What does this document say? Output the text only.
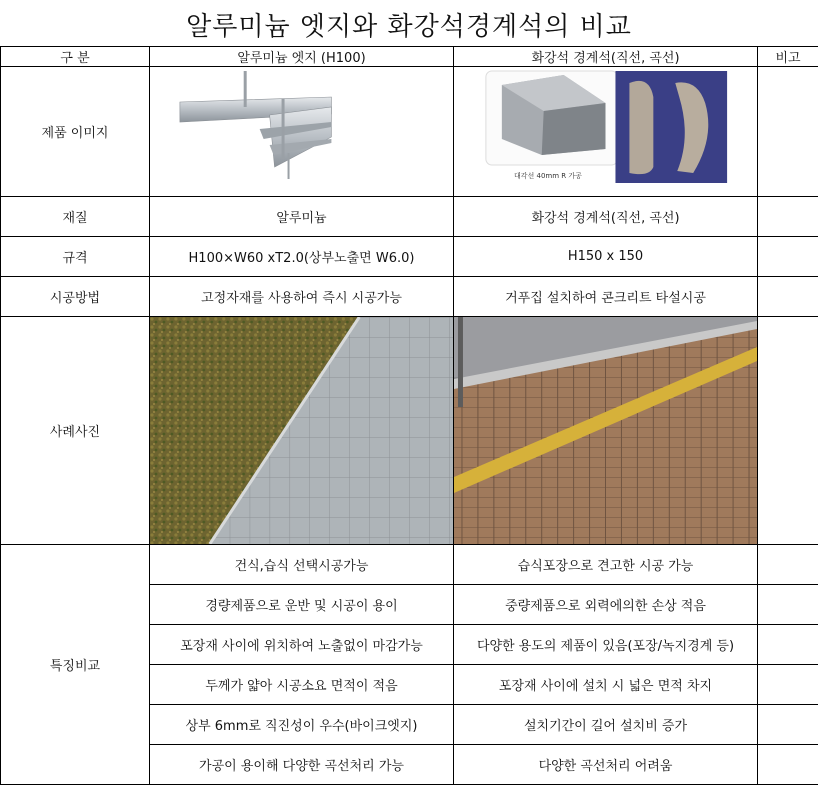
알루미늄 엣지와 화강석경계석의 비교
구 분	알루미늄 엣지 (H100)	화강석 경계석(직선, 곡선)	비고
제품 이미지		대각선 40mm R 가공	

재질	알루미늄	화강석 경계석(직선, 곡선)	
규격	H100×W60 xT2.0(상부노출면 W6.0)	H150 x 150	
시공방법	고정자재를 사용하여 즉시 시공가능	거푸집 설치하여 콘크리트 타설시공	
사례사진	

특징비교	건식,습식 선택시공가능	습식포장으로 견고한 시공 가능	
	경량제품으로 운반 및 시공이 용이	중량제품으로 외력에의한 손상 적음	
	포장재 사이에 위치하여 노출없이 마감가능	다양한 용도의 제품이 있음(포장/녹지경계 등)	
	두께가 얇아 시공소요 면적이 적음	포장재 사이에 설치 시 넓은 면적 차지	
	상부 6mm로 직진성이 우수(바이크엣지)	설치기간이 길어 설치비 증가	
	가공이 용이해 다양한 곡선처리 가능	다양한 곡선처리 어려움	
